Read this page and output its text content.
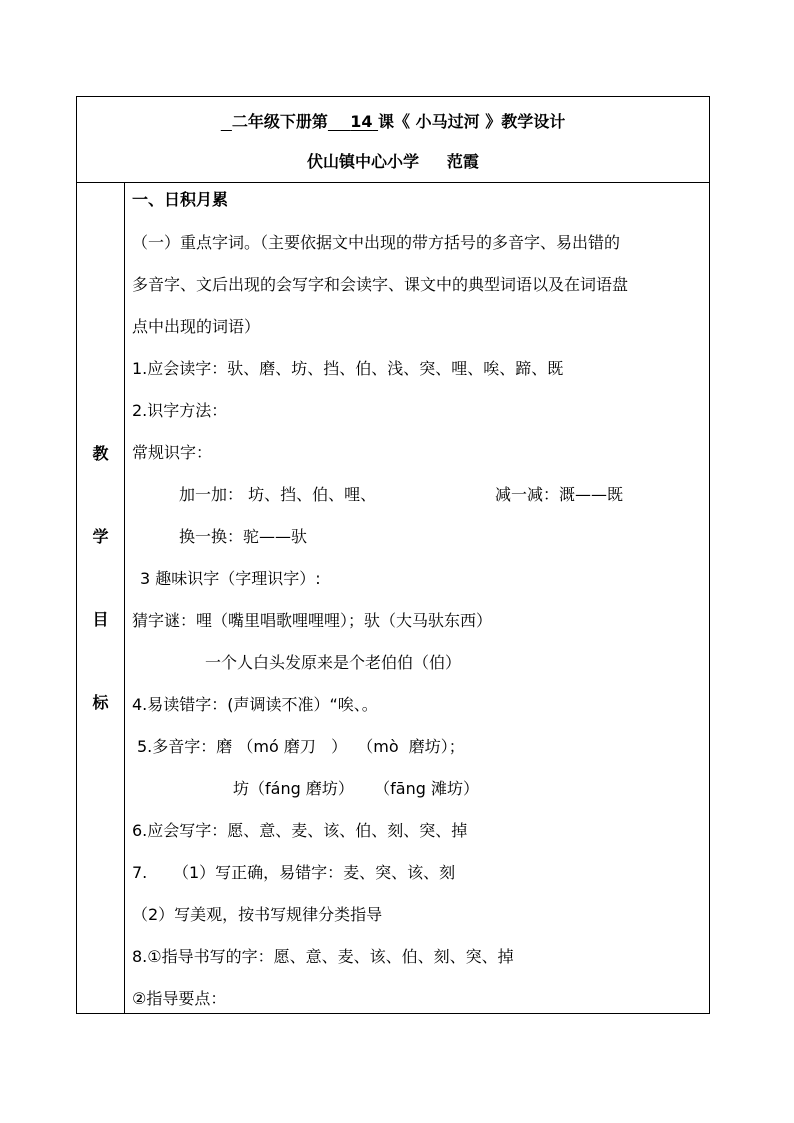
二年级下册第 14 课《 小马过河 》教学设计
伏山镇中心小学 范霞
教
学
目
标
一、日积月累
（一）重点字词。（主要依据文中出现的带方括号的多音字、易出错的
多音字、文后出现的会写字和会读字、课文中的典型词语以及在词语盘
点中出现的词语）
1.应会读字：驮、磨、坊、挡、伯、浅、突、哩、唉、蹄、既
2.识字方法：
常规识字：
加一加： 坊、挡、伯、哩、	减一减：溉——既
换一换：驼——驮
3 趣味识字（字理识字）:
猜字谜：哩（嘴里唱歌哩哩哩）；驮（大马驮东西）
一个人白头发原来是个老伯伯（伯）
4.易读错字：(声调读不准）“唉、。
5.多音字：磨 （mó 磨刀   ）  （mò  磨坊）；
坊（fáng 磨坊）    （fāng 滩坊）
6.应会写字：愿、意、麦、该、伯、刻、突、掉
7. （1）写正确，易错字：麦、突、该、刻
（2）写美观，按书写规律分类指导
8.①指导书写的字：愿、意、麦、该、伯、刻、突、掉
②指导要点：
